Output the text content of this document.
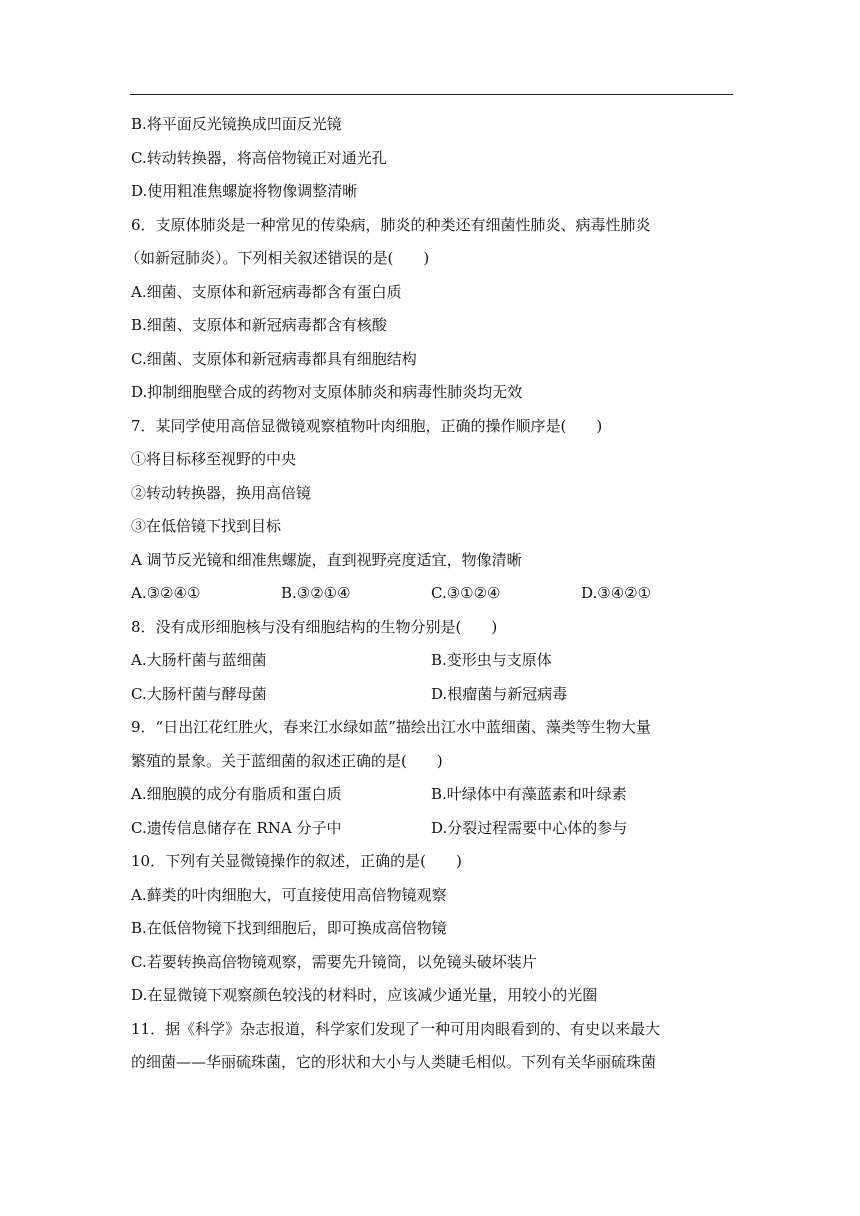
B.将平面反光镜换成凹面反光镜
C.转动转换器，将高倍物镜正对通光孔
D.使用粗准焦螺旋将物像调整清晰
6．支原体肺炎是一种常见的传染病，肺炎的种类还有细菌性肺炎、病毒性肺炎
（如新冠肺炎）。下列相关叙述错误的是(　　)
A.细菌、支原体和新冠病毒都含有蛋白质
B.细菌、支原体和新冠病毒都含有核酸
C.细菌、支原体和新冠病毒都具有细胞结构
D.抑制细胞壁合成的药物对支原体肺炎和病毒性肺炎均无效
7．某同学使用高倍显微镜观察植物叶肉细胞，正确的操作顺序是(　　)
①将目标移至视野的中央
②转动转换器，换用高倍镜
③在低倍镜下找到目标
A 调节反光镜和细准焦螺旋，直到视野亮度适宜，物像清晰
A.③②④①	B.③②①④	C.③①②④	D.③④②①
8．没有成形细胞核与没有细胞结构的生物分别是(　　)
A.大肠杆菌与蓝细菌	B.变形虫与支原体
C.大肠杆菌与酵母菌	D.根瘤菌与新冠病毒
9．“日出江花红胜火，春来江水绿如蓝”描绘出江水中蓝细菌、藻类等生物大量
繁殖的景象。关于蓝细菌的叙述正确的是(　　)
A.细胞膜的成分有脂质和蛋白质	B.叶绿体中有藻蓝素和叶绿素
C.遗传信息储存在 RNA 分子中	D.分裂过程需要中心体的参与
10．下列有关显微镜操作的叙述，正确的是(　　)
A.藓类的叶肉细胞大，可直接使用高倍物镜观察
B.在低倍物镜下找到细胞后，即可换成高倍物镜
C.若要转换高倍物镜观察，需要先升镜筒，以免镜头破坏装片
D.在显微镜下观察颜色较浅的材料时，应该减少通光量，用较小的光圈
11．据《科学》杂志报道，科学家们发现了一种可用肉眼看到的、有史以来最大
的细菌——华丽硫珠菌，它的形状和大小与人类睫毛相似。下列有关华丽硫珠菌
